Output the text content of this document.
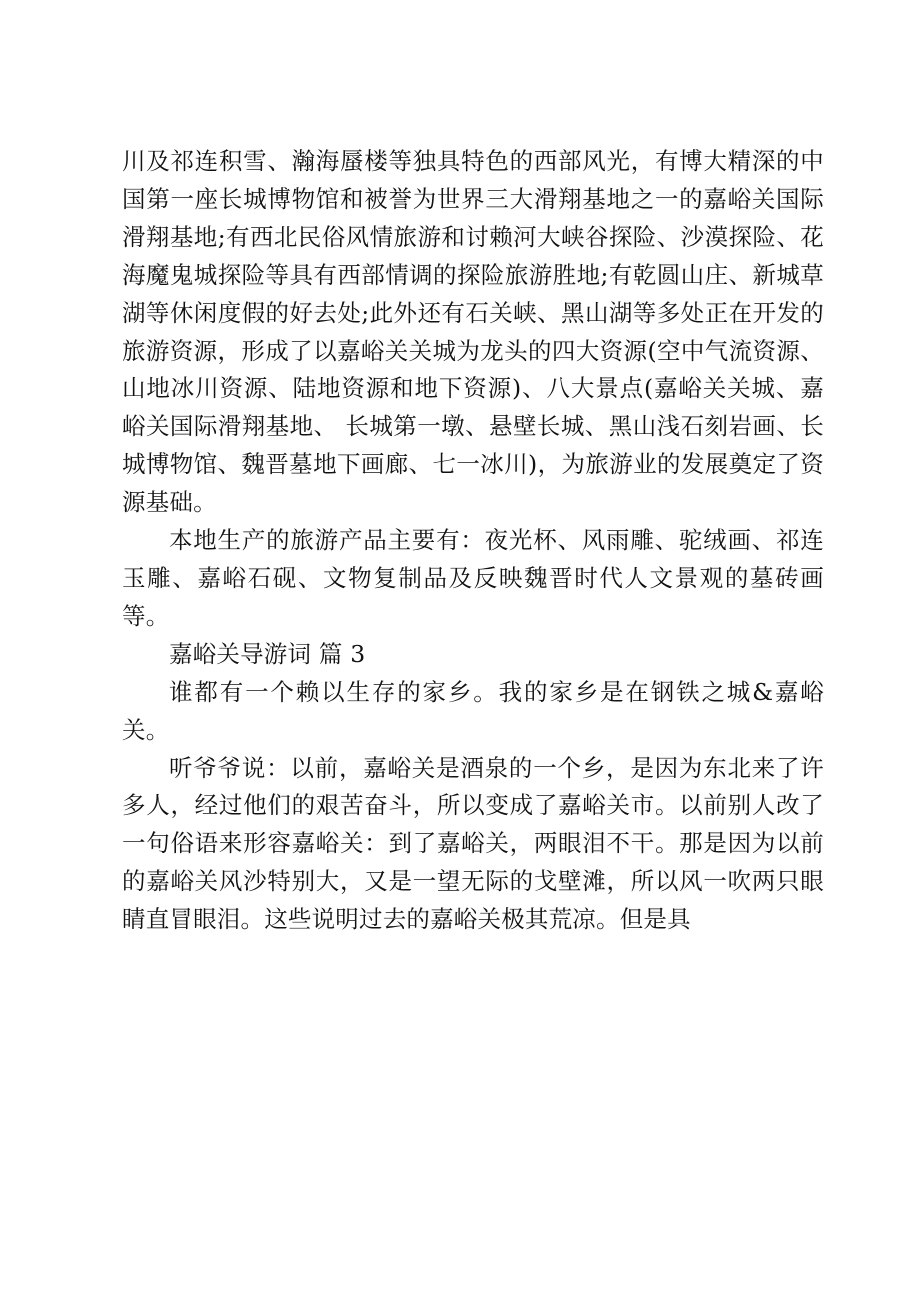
川及祁连积雪、瀚海蜃楼等独具特色的西部风光，有博大精深的中国第一座长城博物馆和被誉为世界三大滑翔基地之一的嘉峪关国际滑翔基地;有西北民俗风情旅游和讨赖河大峡谷探险、沙漠探险、花海魔鬼城探险等具有西部情调的探险旅游胜地;有乾圆山庄、新城草湖等休闲度假的好去处;此外还有石关峡、黑山湖等多处正在开发的旅游资源，形成了以嘉峪关关城为龙头的四大资源(空中气流资源、山地冰川资源、陆地资源和地下资源)、八大景点(嘉峪关关城、嘉峪关国际滑翔基地、 长城第一墩、悬壁长城、黑山浅石刻岩画、长城博物馆、魏晋墓地下画廊、七一冰川)，为旅游业的发展奠定了资源基础。

本地生产的旅游产品主要有：夜光杯、风雨雕、驼绒画、祁连玉雕、嘉峪石砚、文物复制品及反映魏晋时代人文景观的墓砖画等。

嘉峪关导游词 篇 3

谁都有一个赖以生存的家乡。我的家乡是在钢铁之城&嘉峪关。

听爷爷说：以前，嘉峪关是酒泉的一个乡，是因为东北来了许多人，经过他们的艰苦奋斗，所以变成了嘉峪关市。以前别人改了一句俗语来形容嘉峪关：到了嘉峪关，两眼泪不干。那是因为以前的嘉峪关风沙特别大，又是一望无际的戈壁滩，所以风一吹两只眼睛直冒眼泪。这些说明过去的嘉峪关极其荒凉。但是具
